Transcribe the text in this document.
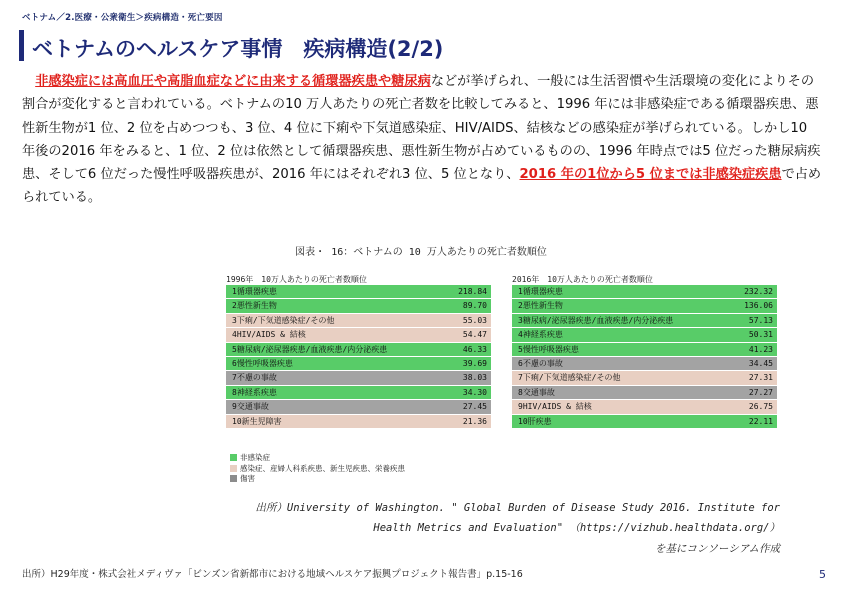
ベトナム／2.医療・公衆衛生＞疾病構造・死亡要因
ベトナムのヘルスケア事情　疾病構造(2/2)
　非感染症には高血圧や高脂血症などに由来する循環器疾患や糖尿病などが挙げられ、一般には生活習慣や生活環境の変化によりその割合が変化すると言われている。ベトナムの10 万人あたりの死亡者数を比較してみると、1996 年には非感染症である循環器疾患、悪性新生物が1 位、2 位を占めつつも、3 位、4 位に下痢や下気道感染症、HIV/AIDS、結核などの感染症が挙げられている。しかし10 年後の2016 年をみると、1 位、2 位は依然として循環器疾患、悪性新生物が占めているものの、1996 年時点では5 位だった糖尿病疾患、そして6 位だった慢性呼吸器疾患が、2016 年にはそれぞれ3 位、5 位となり、2016 年の1位から5 位までは非感染症疾患で占められている。
図表・ 16：ベトナムの 10 万人あたりの死亡者数順位
1996年　10万人あたりの死亡者数順位
1循環器疾患	218.84
2悪性新生物	89.70
3下痢/下気道感染症/その他	55.03
4HIV/AIDS & 結核	54.47
5糖尿病/泌尿器疾患/血液疾患/内分泌疾患	46.33
6慢性呼吸器疾患	39.69
7不慮の事故	38.03
8神経系疾患	34.30
9交通事故	27.45
10新生児障害	21.36
2016年　10万人あたりの死亡者数順位
1循環器疾患	232.32
2悪性新生物	136.06
3糖尿病/泌尿器疾患/血液疾患/内分泌疾患	57.13
4神経系疾患	50.31
5慢性呼吸器疾患	41.23
6不慮の事故	34.45
7下痢/下気道感染症/その他	27.31
8交通事故	27.27
9HIV/AIDS & 結核	26.75
10肝疾患	22.11
非感染症
感染症、産婦人科系疾患、新生児疾患、栄養疾患
傷害
出所）University of Washington. " Global Burden of Disease Study 2016. Institute for
Health Metrics and Evaluation" （https://vizhub.healthdata.org/）
を基にコンソーシアム作成
出所）H29年度・株式会社メディヴァ「ビンズン省新都市における地域ヘルスケア振興プロジェクト報告書」p.15-16	5
